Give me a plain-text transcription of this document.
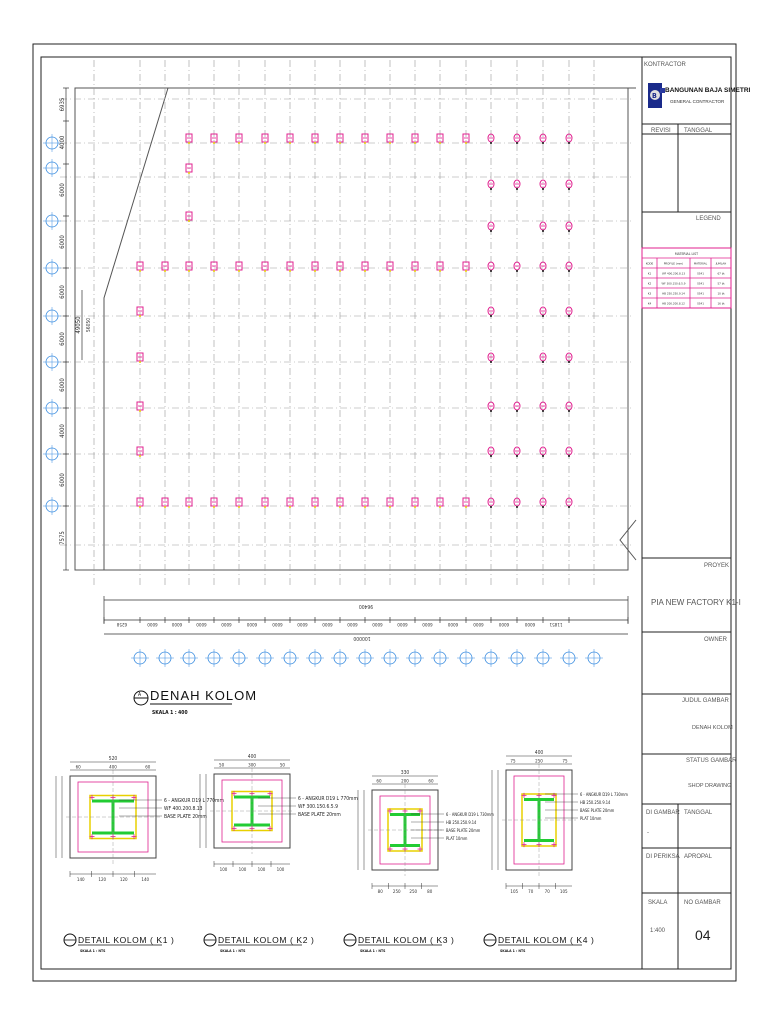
KONTRACTOR
B
BANGUNAN BAJA SIMETRI
GENERAL CONTRACTOR
REVISI TANGGAL
LEGEND
MATERIAL LIST
KODE	PROFILE (mm)	MATERIAL	JUMLAH
K1	WF 400.200.8.13	SS41	67 bt
K2	WF 300.150.6.5.9	SS41	57 bt
K3	HB 250.250.9.14	SS41	10 bt
K4	HB 200.200.8.12	SS41	16 bt
PROYEK
PIA NEW FACTORY K1-I
OWNER
JUDUL GAMBAR
DENAH KOLOM
STATUS GAMBAR
SHOP DRAWING
DI GAMBAR TANGGAL
-
DI PERIKSA APROPAL
SKALA	NO GAMBAR
1:400 04
6935
4000
6000
6000
6000
6000
6000
4000
6000
7575
49050 56050
96400
6258	6000	6000	6000	6000	6000	6000	6000	6000	6000	6000	6000	6000	6000	6000	6000	6000	11851
100000
A DENAH KOLOM
SKALA 1 : 400
520
60	400	60
140	120	120	140
6 - ANGKUR D19 L 770mm
WF 400.200.8.13
BASE PLATE 20mm
DETAIL KOLOM ( K1 )
SKALA 1 : NTS
400
50	300	50
100	100	100	100
6 - ANGKUR D19 L 770mm
WF 300.150.6.5.9
BASE PLATE 20mm
DETAIL KOLOM ( K2 )
SKALA 1 : NTS
330
60	200	60
80 250 250 80
6 - ANGKUR D19 L 730mm
HB 250.250.9.14
BASE PLATE 20mm
PLAT 10mm
DETAIL KOLOM ( K3 )
SKALA 1 : NTS
400
75	250	75
105 70	70 105
6 - ANGKUR D19 L 730mm
HB 250.250.9.14
BASE PLATE 20mm
PLAT 10mm
DETAIL KOLOM ( K4 )
SKALA 1 : NTS
